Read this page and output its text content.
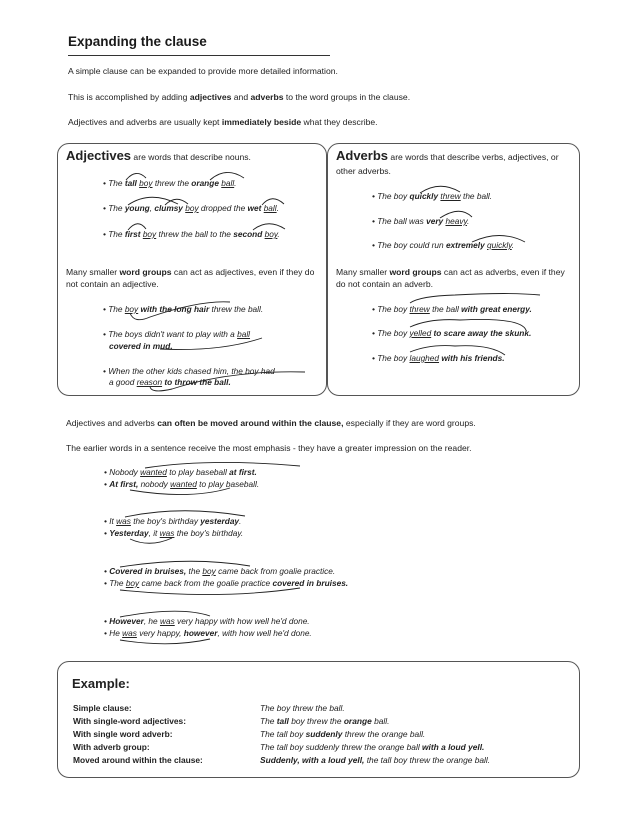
Expanding the clause
A simple clause can be expanded to provide more detailed information.
This is accomplished by adding adjectives and adverbs to the word groups in the clause.
Adjectives and adverbs are usually kept immediately beside what they describe.
Adjectives are words that describe nouns.
• The tall boy threw the orange ball.
• The young, clumsy boy dropped the wet ball.
• The first boy threw the ball to the second boy.
Many smaller word groups can act as adjectives, even if they do not contain an adjective.
• The boy with the long hair threw the ball.
• The boys didn't want to play with a ball
covered in mud.
• When the other kids chased him, the boy had
a good reason to throw the ball.
Adverbs are words that describe verbs, adjectives, or other adverbs.
• The boy quickly threw the ball.
• The ball was very heavy.
• The boy could run extremely quickly.
Many smaller word groups can act as adverbs, even if they do not contain an adverb.
• The boy threw the ball with great energy.
• The boy yelled to scare away the skunk.
• The boy laughed with his friends.
Adjectives and adverbs can often be moved around within the clause, especially if they are word groups.
The earlier words in a sentence receive the most emphasis - they have a greater impression on the reader.
• Nobody wanted to play baseball at first.
• At first, nobody wanted to play baseball.
• It was the boy's birthday yesterday.
• Yesterday, it was the boy's birthday.
• Covered in bruises, the boy came back from goalie practice.
• The boy came back from the goalie practice covered in bruises.
• However, he was very happy with how well he'd done.
• He was very happy, however, with how well he'd done.
Example:
Simple clause:	The boy threw the ball.
With single-word adjectives:	The tall boy threw the orange ball.
With single word adverb:	The tall boy suddenly threw the orange ball.
With adverb group:	The tall boy suddenly threw the orange ball with a loud yell.
Moved around within the clause:	Suddenly, with a loud yell, the tall boy threw the orange ball.
